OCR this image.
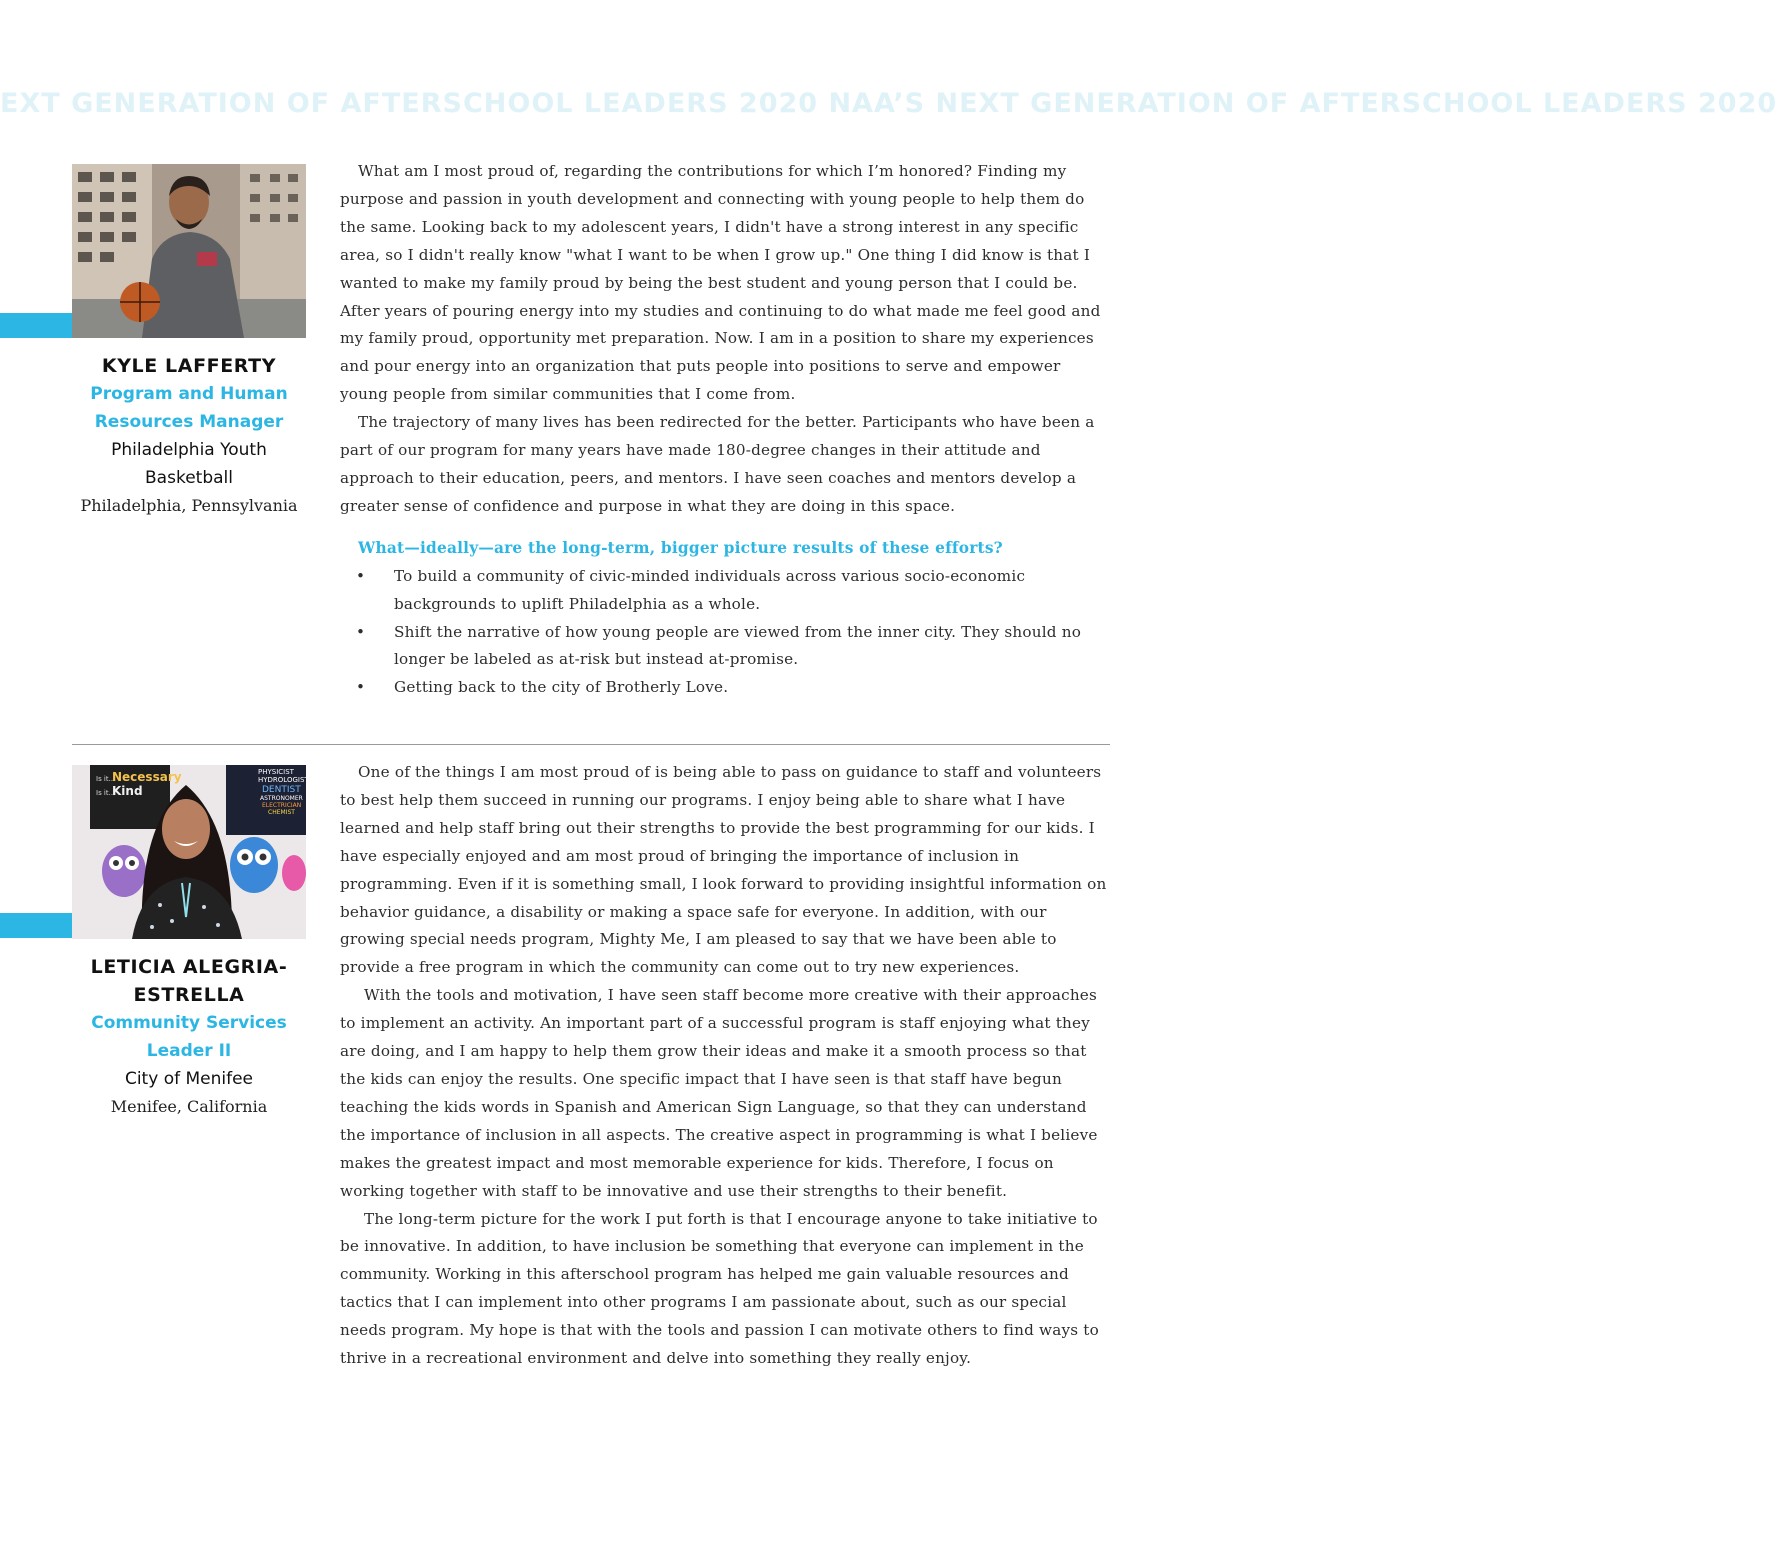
EXT GENERATION OF AFTERSCHOOL LEADERS 2020 NAA’S NEXT GENERATION OF AFTERSCHOOL LEADERS 2020
KYLE LAFFERTY
Program and Human
Resources Manager
Philadelphia Youth
Basketball
Philadelphia, Pennsylvania

What am I most proud of, regarding the contributions for which I’m honored? Finding my purpose and passion in youth development and connecting with young people to help them do the same. Looking back to my adolescent years, I didn't have a strong interest in any specific area, so I didn't really know "what I want to be when I grow up." One thing I did know is that I wanted to make my family proud by being the best student and young person that I could be. After years of pouring energy into my studies and continuing to do what made me feel good and my family proud, opportunity met preparation. Now. I am in a position to share my experiences and pour energy into an organization that puts people into positions to serve and empower young people from similar communities that I come from.

The trajectory of many lives has been redirected for the better. Participants who have been a part of our program for many years have made 180-degree changes in their attitude and approach to their education, peers, and mentors. I have seen coaches and mentors develop a greater sense of confidence and purpose in what they are doing in this space.

What—ideally—are the long-term, bigger picture results of these efforts?
• To build a community of civic-minded individuals across various socio-economic backgrounds to uplift Philadelphia as a whole.
• Shift the narrative of how young people are viewed from the inner city. They should no longer be labeled as at-risk but instead at-promise.
• Getting back to the city of Brotherly Love.
Is it...
Necessary
Is it...
Kind
PHYSICIST
HYDROLOGIST
DENTIST
ASTRONOMER
ELECTRICIAN
CHEMIST
LETICIA ALEGRIA-
ESTRELLA
Community Services
Leader II
City of Menifee
Menifee, California

One of the things I am most proud of is being able to pass on guidance to staff and volunteers to best help them succeed in running our programs. I enjoy being able to share what I have learned and help staff bring out their strengths to provide the best programming for our kids. I have especially enjoyed and am most proud of bringing the importance of inclusion in programming. Even if it is something small, I look forward to providing insightful information on behavior guidance, a disability or making a space safe for everyone. In addition, with our growing special needs program, Mighty Me, I am pleased to say that we have been able to provide a free program in which the community can come out to try new experiences.

With the tools and motivation, I have seen staff become more creative with their approaches to implement an activity. An important part of a successful program is staff enjoying what they are doing, and I am happy to help them grow their ideas and make it a smooth process so that the kids can enjoy the results. One specific impact that I have seen is that staff have begun teaching the kids words in Spanish and American Sign Language, so that they can understand the importance of inclusion in all aspects. The creative aspect in programming is what I believe makes the greatest impact and most memorable experience for kids. Therefore, I focus on working together with staff to be innovative and use their strengths to their benefit.

The long-term picture for the work I put forth is that I encourage anyone to take initiative to be innovative. In addition, to have inclusion be something that everyone can implement in the community. Working in this afterschool program has helped me gain valuable resources and tactics that I can implement into other programs I am passionate about, such as our special needs program. My hope is that with the tools and passion I can motivate others to find ways to thrive in a recreational environment and delve into something they really enjoy.
